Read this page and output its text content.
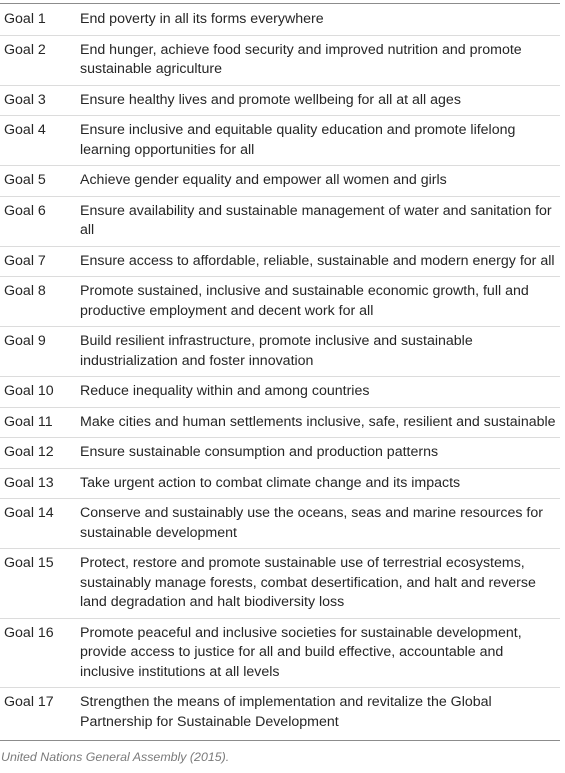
Goal 1	End poverty in all its forms everywhere
Goal 2	End hunger, achieve food security and improved nutrition and promote sustainable agriculture
Goal 3	Ensure healthy lives and promote wellbeing for all at all ages
Goal 4	Ensure inclusive and equitable quality education and promote lifelong learning opportunities for all
Goal 5	Achieve gender equality and empower all women and girls
Goal 6	Ensure availability and sustainable management of water and sanitation for all
Goal 7	Ensure access to affordable, reliable, sustainable and modern energy for all
Goal 8	Promote sustained, inclusive and sustainable economic growth, full and productive employment and decent work for all
Goal 9	Build resilient infrastructure, promote inclusive and sustainable industrialization and foster innovation
Goal 10	Reduce inequality within and among countries
Goal 11	Make cities and human settlements inclusive, safe, resilient and sustainable
Goal 12	Ensure sustainable consumption and production patterns
Goal 13	Take urgent action to combat climate change and its impacts
Goal 14	Conserve and sustainably use the oceans, seas and marine resources for sustainable development
Goal 15	Protect, restore and promote sustainable use of terrestrial ecosystems, sustainably manage forests, combat desertification, and halt and reverse land degradation and halt biodiversity loss
Goal 16	Promote peaceful and inclusive societies for sustainable development, provide access to justice for all and build effective, accountable and inclusive institutions at all levels
Goal 17	Strengthen the means of implementation and revitalize the Global Partnership for Sustainable Development
United Nations General Assembly (2015).
